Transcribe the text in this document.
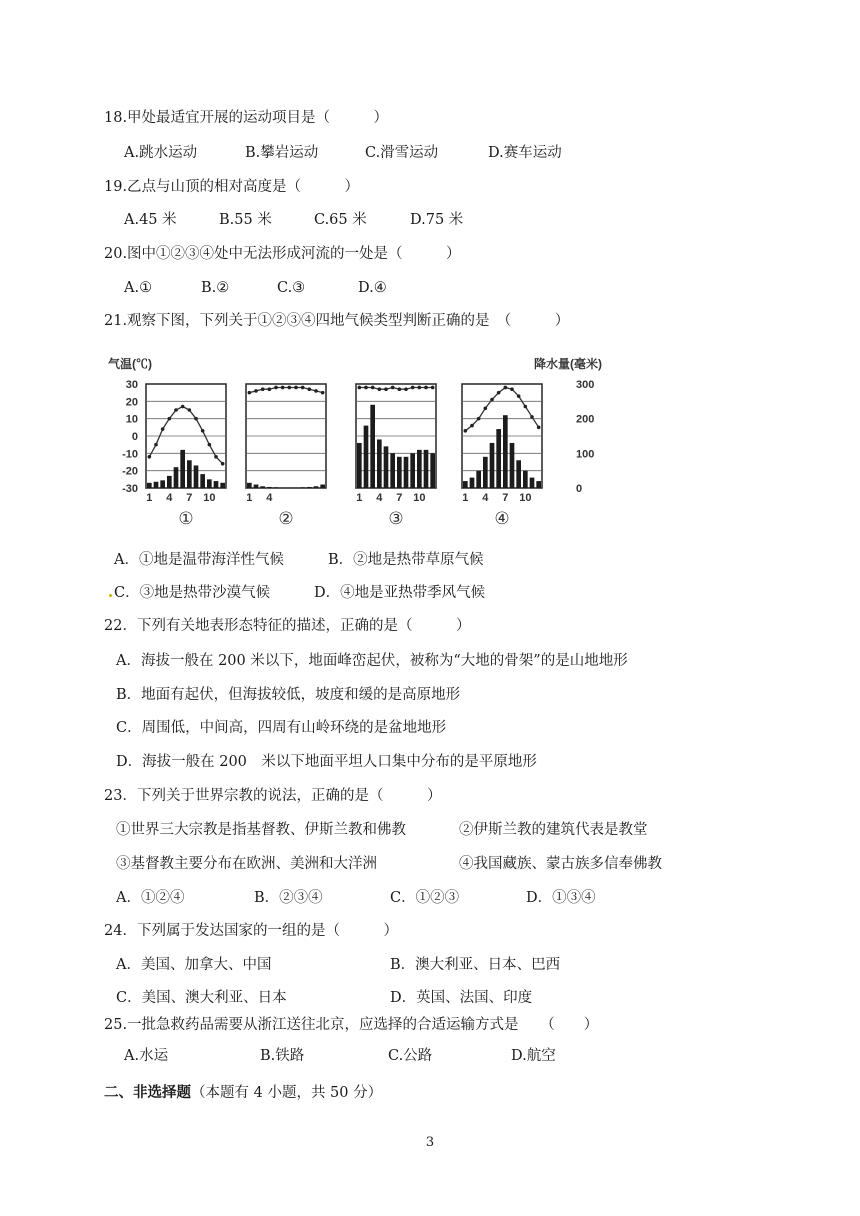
18.甲处最适宜开展的运动项目是（　　　）
A.跳水运动	B.攀岩运动	C.滑雪运动	D.赛车运动
19.乙点与山顶的相对高度是（　　　）
A.45 米	B.55 米	C.65 米	D.75 米
20.图中①②③④处中无法形成河流的一处是（　　　）
A.①	B.②	C.③	D.④
21.观察下图，下列关于①②③④四地气候类型判断正确的是　（　　　）
气温(℃)	降水量(毫米)
30
20
10
0
-10
-20
-30
300
200
100
0
1 4 7 10
①
1 4
②
1 4 7 10
③
1 4 7 10
④
A．①地是温带海洋性气候	B．②地是热带草原气候
C．③地是热带沙漠气候	D．④地是亚热带季风气候
22．下列有关地表形态特征的描述，正确的是（　　　）
A．海拔一般在 200 米以下，地面峰峦起伏，被称为“大地的骨架”的是山地地形
B．地面有起伏，但海拔较低，坡度和缓的是高原地形
C．周围低，中间高，四周有山岭环绕的是盆地地形
D．海拔一般在 200　米以下地面平坦人口集中分布的是平原地形
23．下列关于世界宗教的说法，正确的是（　　　）
①世界三大宗教是指基督教、伊斯兰教和佛教	②伊斯兰教的建筑代表是教堂
③基督教主要分布在欧洲、美洲和大洋洲	④我国藏族、蒙古族多信奉佛教
A．①②④	B．②③④	C．①②③	D．①③④
24．下列属于发达国家的一组的是（　　　）
A．美国、加拿大、中国	B．澳大利亚、日本、巴西
C．美国、澳大利亚、日本	D．英国、法国、印度
25.一批急救药品需要从浙江送往北京，应选择的合适运输方式是　　（　　）
A.水运	B.铁路	C.公路	D.航空
二、非选择题（本题有 4 小题，共 50 分）
3
